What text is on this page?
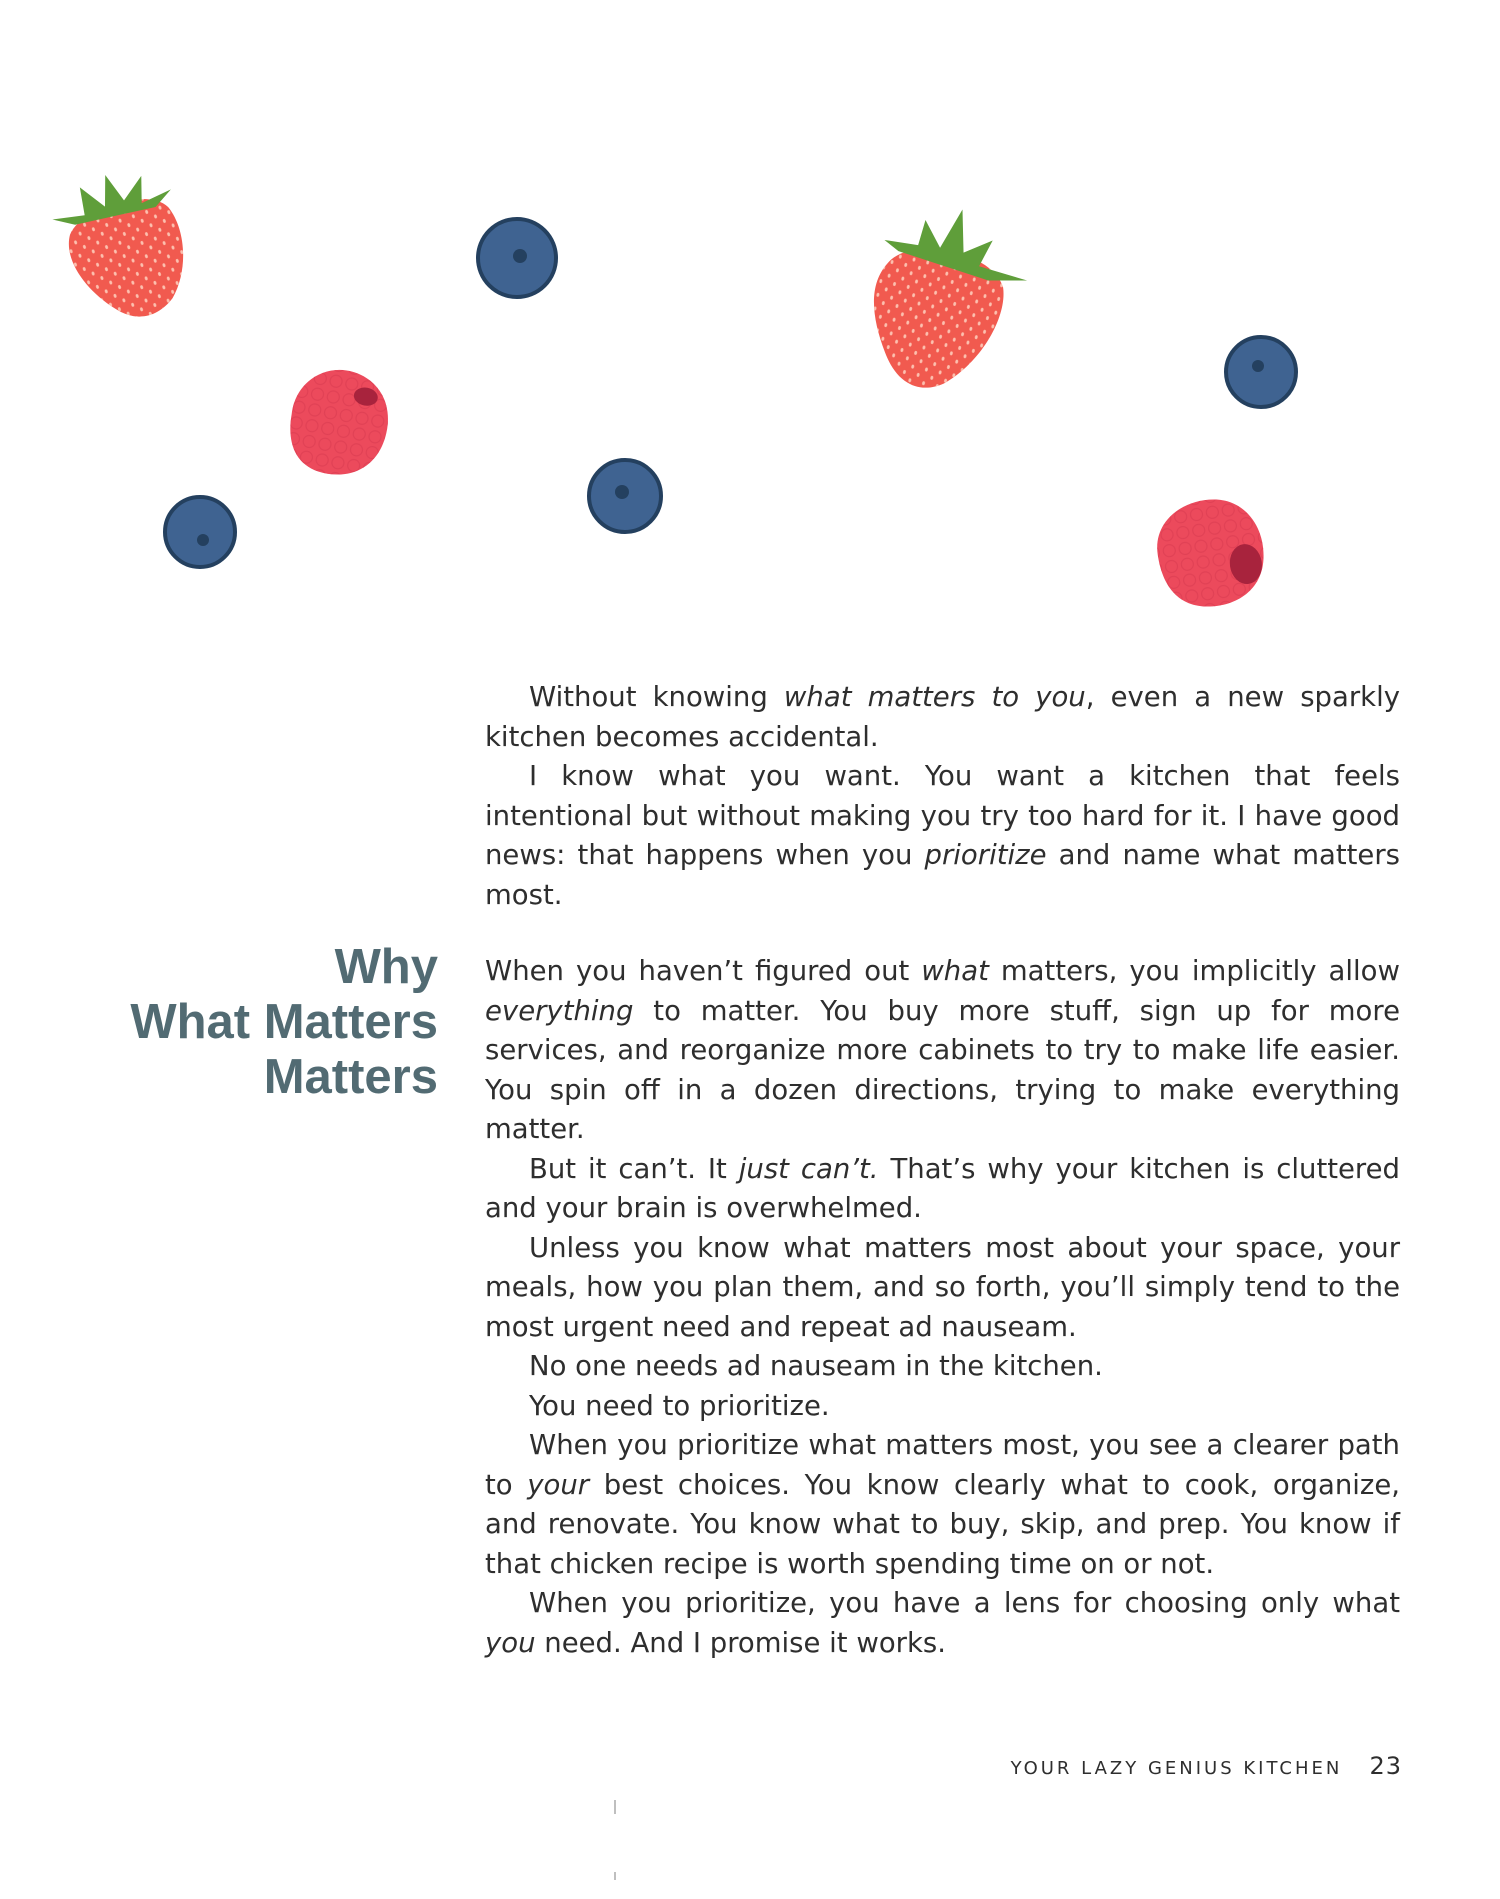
Without knowing what matters to you, even a new sparkly kitchen becomes accidental.

I know what you want. You want a kitchen that feels intentional but without making you try too hard for it. I have good news: that happens when you prioritize and name what matters most.

Why
What Matters
Matters

When you haven’t figured out what matters, you implicitly allow everything to matter. You buy more stuff, sign up for more services, and reorganize more cabinets to try to make life easier. You spin off in a dozen directions, trying to make everything matter.

But it can’t. It just can’t. That’s why your kitchen is cluttered and your brain is overwhelmed.

Unless you know what matters most about your space, your meals, how you plan them, and so forth, you’ll simply tend to the most urgent need and repeat ad nauseam.

No one needs ad nauseam in the kitchen.

You need to prioritize.

When you prioritize what matters most, you see a clearer path to your best choices. You know clearly what to cook, organize, and renovate. You know what to buy, skip, and prep. You know if that chicken recipe is worth spending time on or not.

When you prioritize, you have a lens for choosing only what you need. And I promise it works.

YOUR LAZY GENIUS KITCHEN 23
